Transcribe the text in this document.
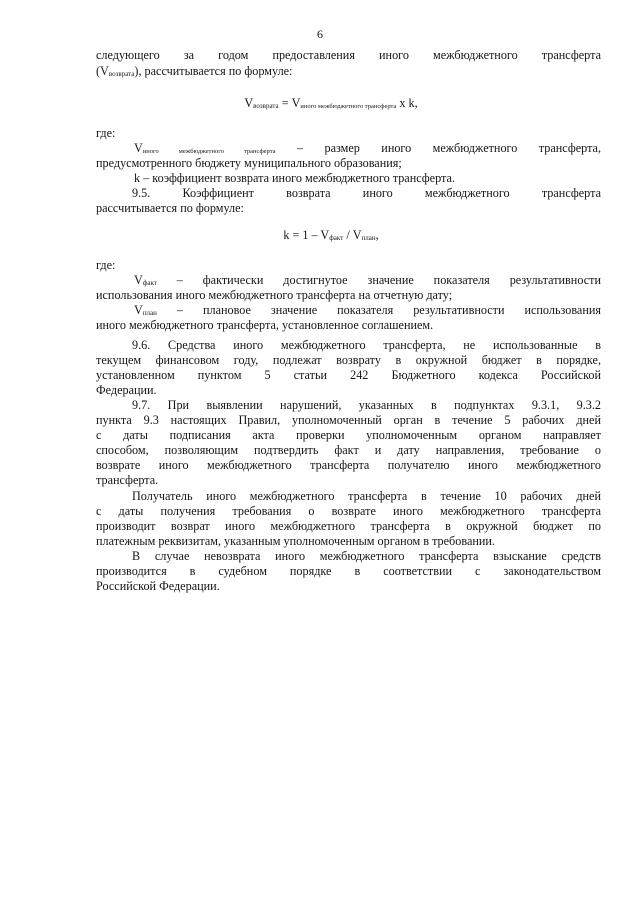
6
следующего за годом предоставления иного межбюджетного трансферта
$(V_{возврата})$, рассчитывается по формуле:
$V_{возврата} = V_{иного межбюджетного трансферта}$ x k,
где:
$V_{иного межбюджетного трансферта}$ – размер иного межбюджетного трансферта,
предусмотренного бюджету муниципального образования;
k – коэффициент возврата иного межбюджетного трансферта.
9.5. Коэффициент возврата иного межбюджетного трансферта
рассчитывается по формуле:
$k = 1 - V_{факт} / V_{план}$,
где:
$V_{факт}$ – фактически достигнутое значение показателя результативности
использования иного межбюджетного трансферта на отчетную дату;
$V_{план}$ – плановое значение показателя результативности использования
иного межбюджетного трансферта, установленное соглашением.
9.6. Средства иного межбюджетного трансферта, не использованные в
текущем финансовом году, подлежат возврату в окружной бюджет в порядке,
установленном пунктом 5 статьи 242 Бюджетного кодекса Российской
Федерации.
9.7. При выявлении нарушений, указанных в подпунктах 9.3.1, 9.3.2
пункта 9.3 настоящих Правил, уполномоченный орган в течение 5 рабочих дней
с даты подписания акта проверки уполномоченным органом направляет
способом, позволяющим подтвердить факт и дату направления, требование о
возврате иного межбюджетного трансферта получателю иного межбюджетного
трансферта.
Получатель иного межбюджетного трансферта в течение 10 рабочих дней
с даты получения требования о возврате иного межбюджетного трансферта
производит возврат иного межбюджетного трансферта в окружной бюджет по
платежным реквизитам, указанным уполномоченным органом в требовании.
В случае невозврата иного межбюджетного трансферта взыскание средств
производится в судебном порядке в соответствии с законодательством
Российской Федерации.
